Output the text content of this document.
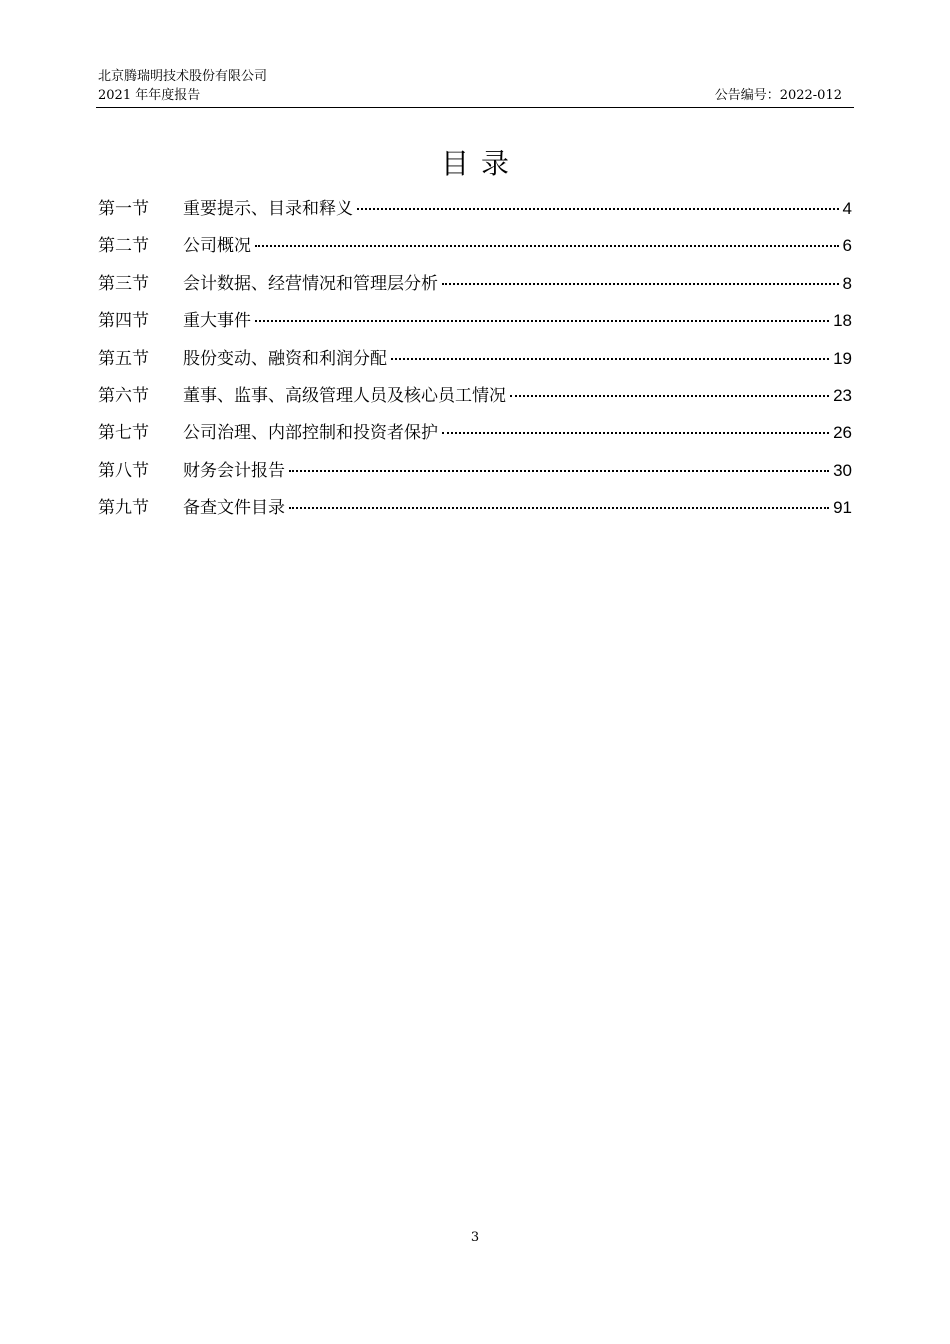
北京腾瑞明技术股份有限公司
2021 年年度报告	公告编号：2022-012
目录
第一节	重要提示、目录和释义	4
第二节	公司概况	6
第三节	会计数据、经营情况和管理层分析	8
第四节	重大事件	18
第五节	股份变动、融资和利润分配	19
第六节	董事、监事、高级管理人员及核心员工情况	23
第七节	公司治理、内部控制和投资者保护	26
第八节	财务会计报告	30
第九节	备查文件目录	91
3
